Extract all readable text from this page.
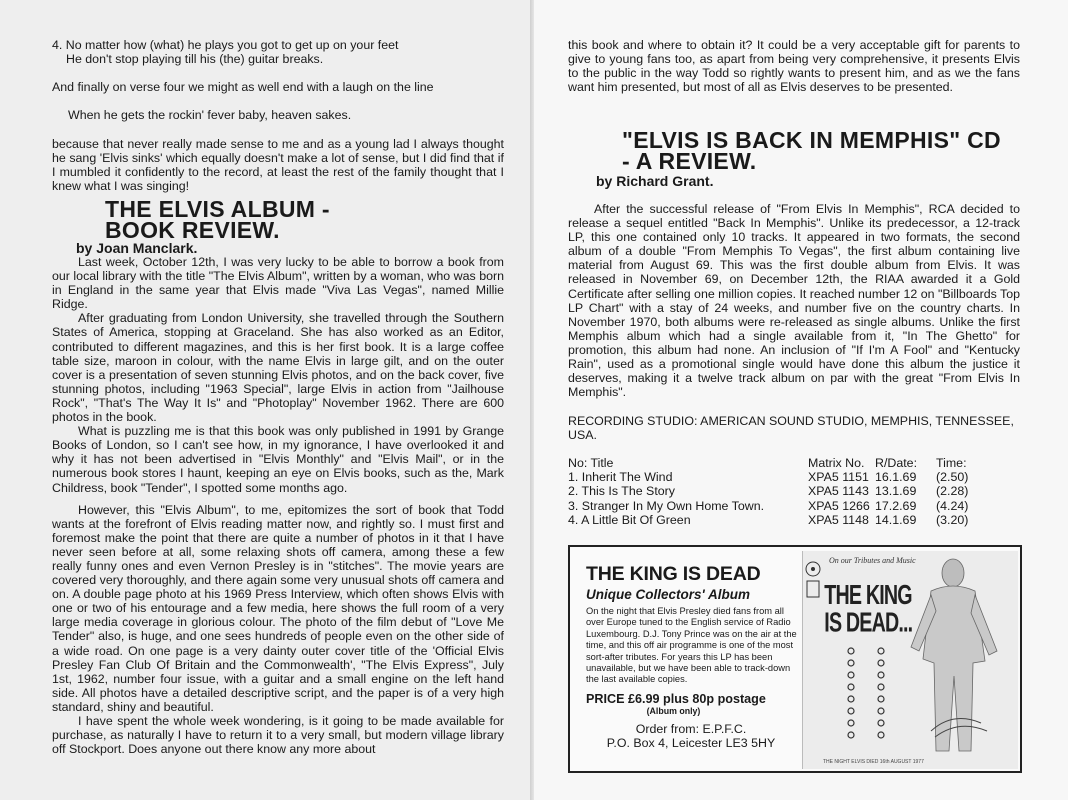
4. No matter how (what) he plays you got to get up on your feet
He don't stop playing till his (the) guitar breaks.
And finally on verse four we might as well end with a laugh on the line
When he gets the rockin' fever baby, heaven sakes.

because that never really made sense to me and as a young lad I always thought he sang 'Elvis sinks' which equally doesn't make a lot of sense, but I did find that if I mumbled it confidently to the record, at least the rest of the family thought that I knew what I was singing!

THE ELVIS ALBUM -
BOOK REVIEW.
by Joan Manclark.

Last week, October 12th, I was very lucky to be able to borrow a book from our local library with the title "The Elvis Album", written by a woman, who was born in England in the same year that Elvis made "Viva Las Vegas", named Millie Ridge.

After graduating from London University, she travelled through the Southern States of America, stopping at Graceland. She has also worked as an Editor, contributed to different magazines, and this is her first book. It is a large coffee table size, maroon in colour, with the name Elvis in large gilt, and on the outer cover is a presentation of seven stunning Elvis photos, and on the back cover, five stunning photos, including "1963 Special", large Elvis in action from "Jailhouse Rock", "That's The Way It Is" and "Photoplay" November 1962. There are 600 photos in the book.

What is puzzling me is that this book was only published in 1991 by Grange Books of London, so I can't see how, in my ignorance, I have overlooked it and why it has not been advertised in "Elvis Monthly" and "Elvis Mail", or in the numerous book stores I haunt, keeping an eye on Elvis books, such as the, Mark Childress, book "Tender", I spotted some months ago.

However, this "Elvis Album", to me, epitomizes the sort of book that Todd wants at the forefront of Elvis reading matter now, and rightly so. I must first and foremost make the point that there are quite a number of photos in it that I have never seen before at all, some relaxing shots off camera, among these a few really funny ones and even Vernon Presley is in "stitches". The movie years are covered very thoroughly, and there again some very unusual shots off camera and on. A double page photo at his 1969 Press Interview, which often shows Elvis with one or two of his entourage and a few media, here shows the full room of a very large media coverage in glorious colour. The photo of the film debut of "Love Me Tender" also, is huge, and one sees hundreds of people even on the other side of a wide road. On one page is a very dainty outer cover title of the 'Official Elvis Presley Fan Club Of Britain and the Commonwealth', "The Elvis Express", July 1st, 1962, number four issue, with a guitar and a small engine on the left hand side. All photos have a detailed descriptive script, and the paper is of a very high standard, shiny and beautiful.

I have spent the whole week wondering, is it going to be made available for purchase, as naturally I have to return it to a very small, but modern village library off Stockport. Does anyone out there know any more about

this book and where to obtain it? It could be a very acceptable gift for parents to give to young fans too, as apart from being very comprehensive, it presents Elvis to the public in the way Todd so rightly wants to present him, and as we the fans want him presented, but most of all as Elvis deserves to be presented.

"ELVIS IS BACK IN MEMPHIS" CD
- A REVIEW.
by Richard Grant.

After the successful release of "From Elvis In Memphis", RCA decided to release a sequel entitled "Back In Memphis". Unlike its predecessor, a 12-track LP, this one contained only 10 tracks. It appeared in two formats, the second album of a double "From Memphis To Vegas", the first album containing live material from August 69. This was the first double album from Elvis. It was released in November 69, on December 12th, the RIAA awarded it a Gold Certificate after selling one million copies. It reached number 12 on "Billboards Top LP Chart" with a stay of 24 weeks, and number five on the country charts. In November 1970, both albums were re-released as single albums. Unlike the first Memphis album which had a single available from it, "In The Ghetto" for promotion, this album had none. An inclusion of "If I'm A Fool" and "Kentucky Rain", used as a promotional single would have done this album the justice it deserves, making it a twelve track album on par with the great "From Elvis In Memphis".

RECORDING STUDIO: AMERICAN SOUND STUDIO, MEMPHIS, TENNESSEE, USA.

No: Title	Matrix No. R/Date:	Time:
1. Inherit The Wind	XPA5 1151 16.1.69	(2.50)
2. This Is The Story	XPA5 1143 13.1.69	(2.28)
3. Stranger In My Own Home Town.	XPA5 1266 17.2.69	(4.24)
4. A Little Bit Of Green	XPA5 1148 14.1.69	(3.20)
THE KING IS DEAD
Unique Collectors' Album
On the night that Elvis Presley died fans from all over Europe tuned to the English service of Radio Luxembourg. D.J. Tony Prince was on the air at the time, and this off air programme is one of the most sort-after tributes. For years this LP has been unavailable, but we have been able to track-down the last available copies.
PRICE £6.99 plus 80p postage
(Album only)
Order from: E.P.F.C.
P.O. Box 4, Leicester LE3 5HY
On our Tributes and Music
THE KING
IS DEAD...
THE NIGHT ELVIS DIED 16th AUGUST 1977
